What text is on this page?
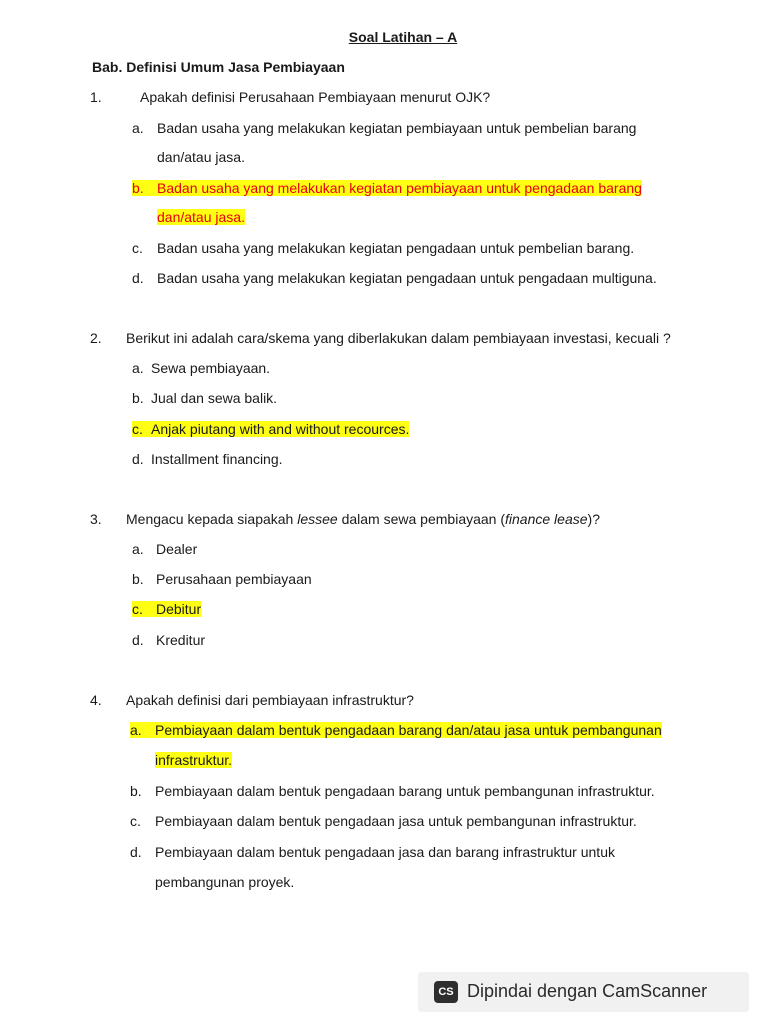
Soal Latihan – A
Bab. Definisi Umum Jasa Pembiayaan
1.	Apakah definisi Perusahaan Pembiayaan menurut OJK?
a. Badan usaha yang melakukan kegiatan pembiayaan untuk pembelian barang
dan/atau jasa.
b. Badan usaha yang melakukan kegiatan pembiayaan untuk pengadaan barang
dan/atau jasa.
c. Badan usaha yang melakukan kegiatan pengadaan untuk pembelian barang.
d. Badan usaha yang melakukan kegiatan pengadaan untuk pengadaan multiguna.
2. Berikut ini adalah cara/skema yang diberlakukan dalam pembiayaan investasi, kecuali ?
a. Sewa pembiayaan.
b. Jual dan sewa balik.
c. Anjak piutang with and without recources.
d. Installment financing.
3. Mengacu kepada siapakah lessee dalam sewa pembiayaan (finance lease)?
a. Dealer
b. Perusahaan pembiayaan
c. Debitur
d. Kreditur
4. Apakah definisi dari pembiayaan infrastruktur?
a. Pembiayaan dalam bentuk pengadaan barang dan/atau jasa untuk pembangunan
infrastruktur.
b. Pembiayaan dalam bentuk pengadaan barang untuk pembangunan infrastruktur.
c. Pembiayaan dalam bentuk pengadaan jasa untuk pembangunan infrastruktur.
d. Pembiayaan dalam bentuk pengadaan jasa dan barang infrastruktur untuk
pembangunan proyek.
CS Dipindai dengan CamScanner
